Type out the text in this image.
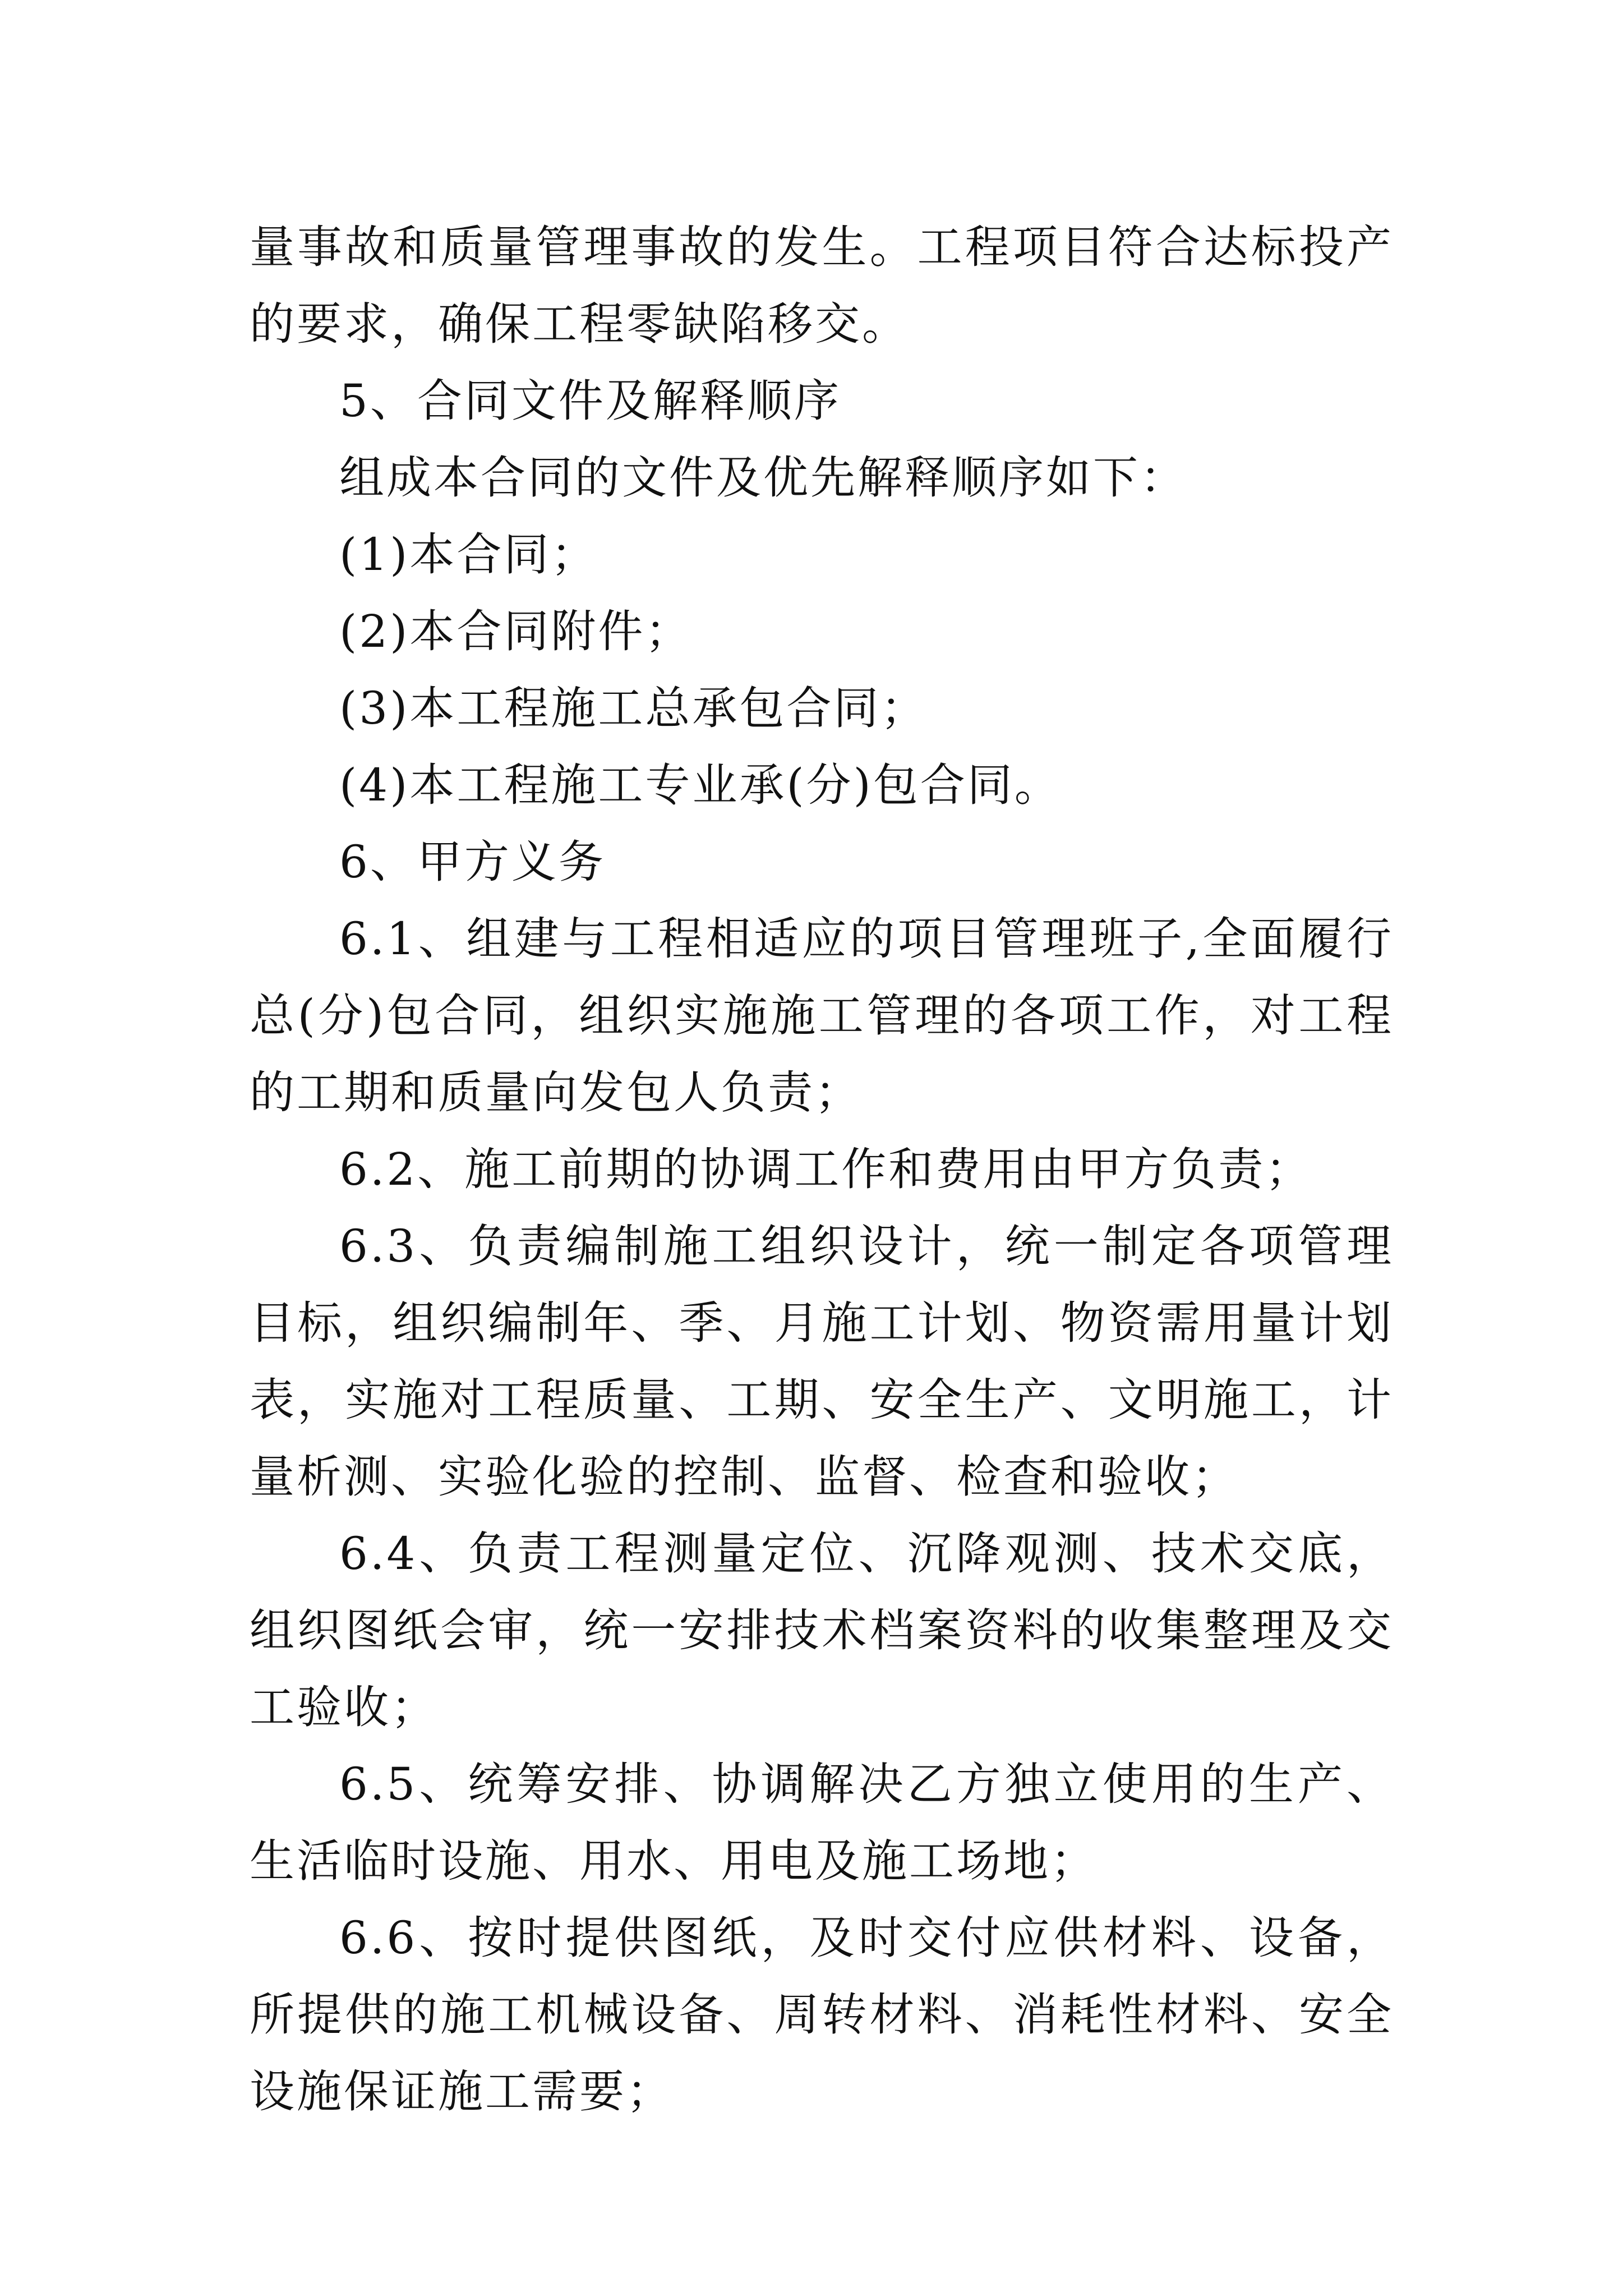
量事故和质量管理事故的发生。工程项目符合达标投产的要求，确保工程零缺陷移交。

5、合同文件及解释顺序

组成本合同的文件及优先解释顺序如下：

(1)本合同；

(2)本合同附件；

(3)本工程施工总承包合同；

(4)本工程施工专业承(分)包合同。

6、甲方义务

6.1、组建与工程相适应的项目管理班子,全面履行总(分)包合同，组织实施施工管理的各项工作，对工程的工期和质量向发包人负责；

6.2、施工前期的协调工作和费用由甲方负责；

6.3、负责编制施工组织设计，统一制定各项管理目标，组织编制年、季、月施工计划、物资需用量计划表，实施对工程质量、工期、安全生产、文明施工，计量析测、实验化验的控制、监督、检查和验收；

6.4、负责工程测量定位、沉降观测、技术交底，组织图纸会审，统一安排技术档案资料的收集整理及交工验收；

6.5、统筹安排、协调解决乙方独立使用的生产、生活临时设施、用水、用电及施工场地；

6.6、按时提供图纸，及时交付应供材料、设备，所提供的施工机械设备、周转材料、消耗性材料、安全设施保证施工需要；
